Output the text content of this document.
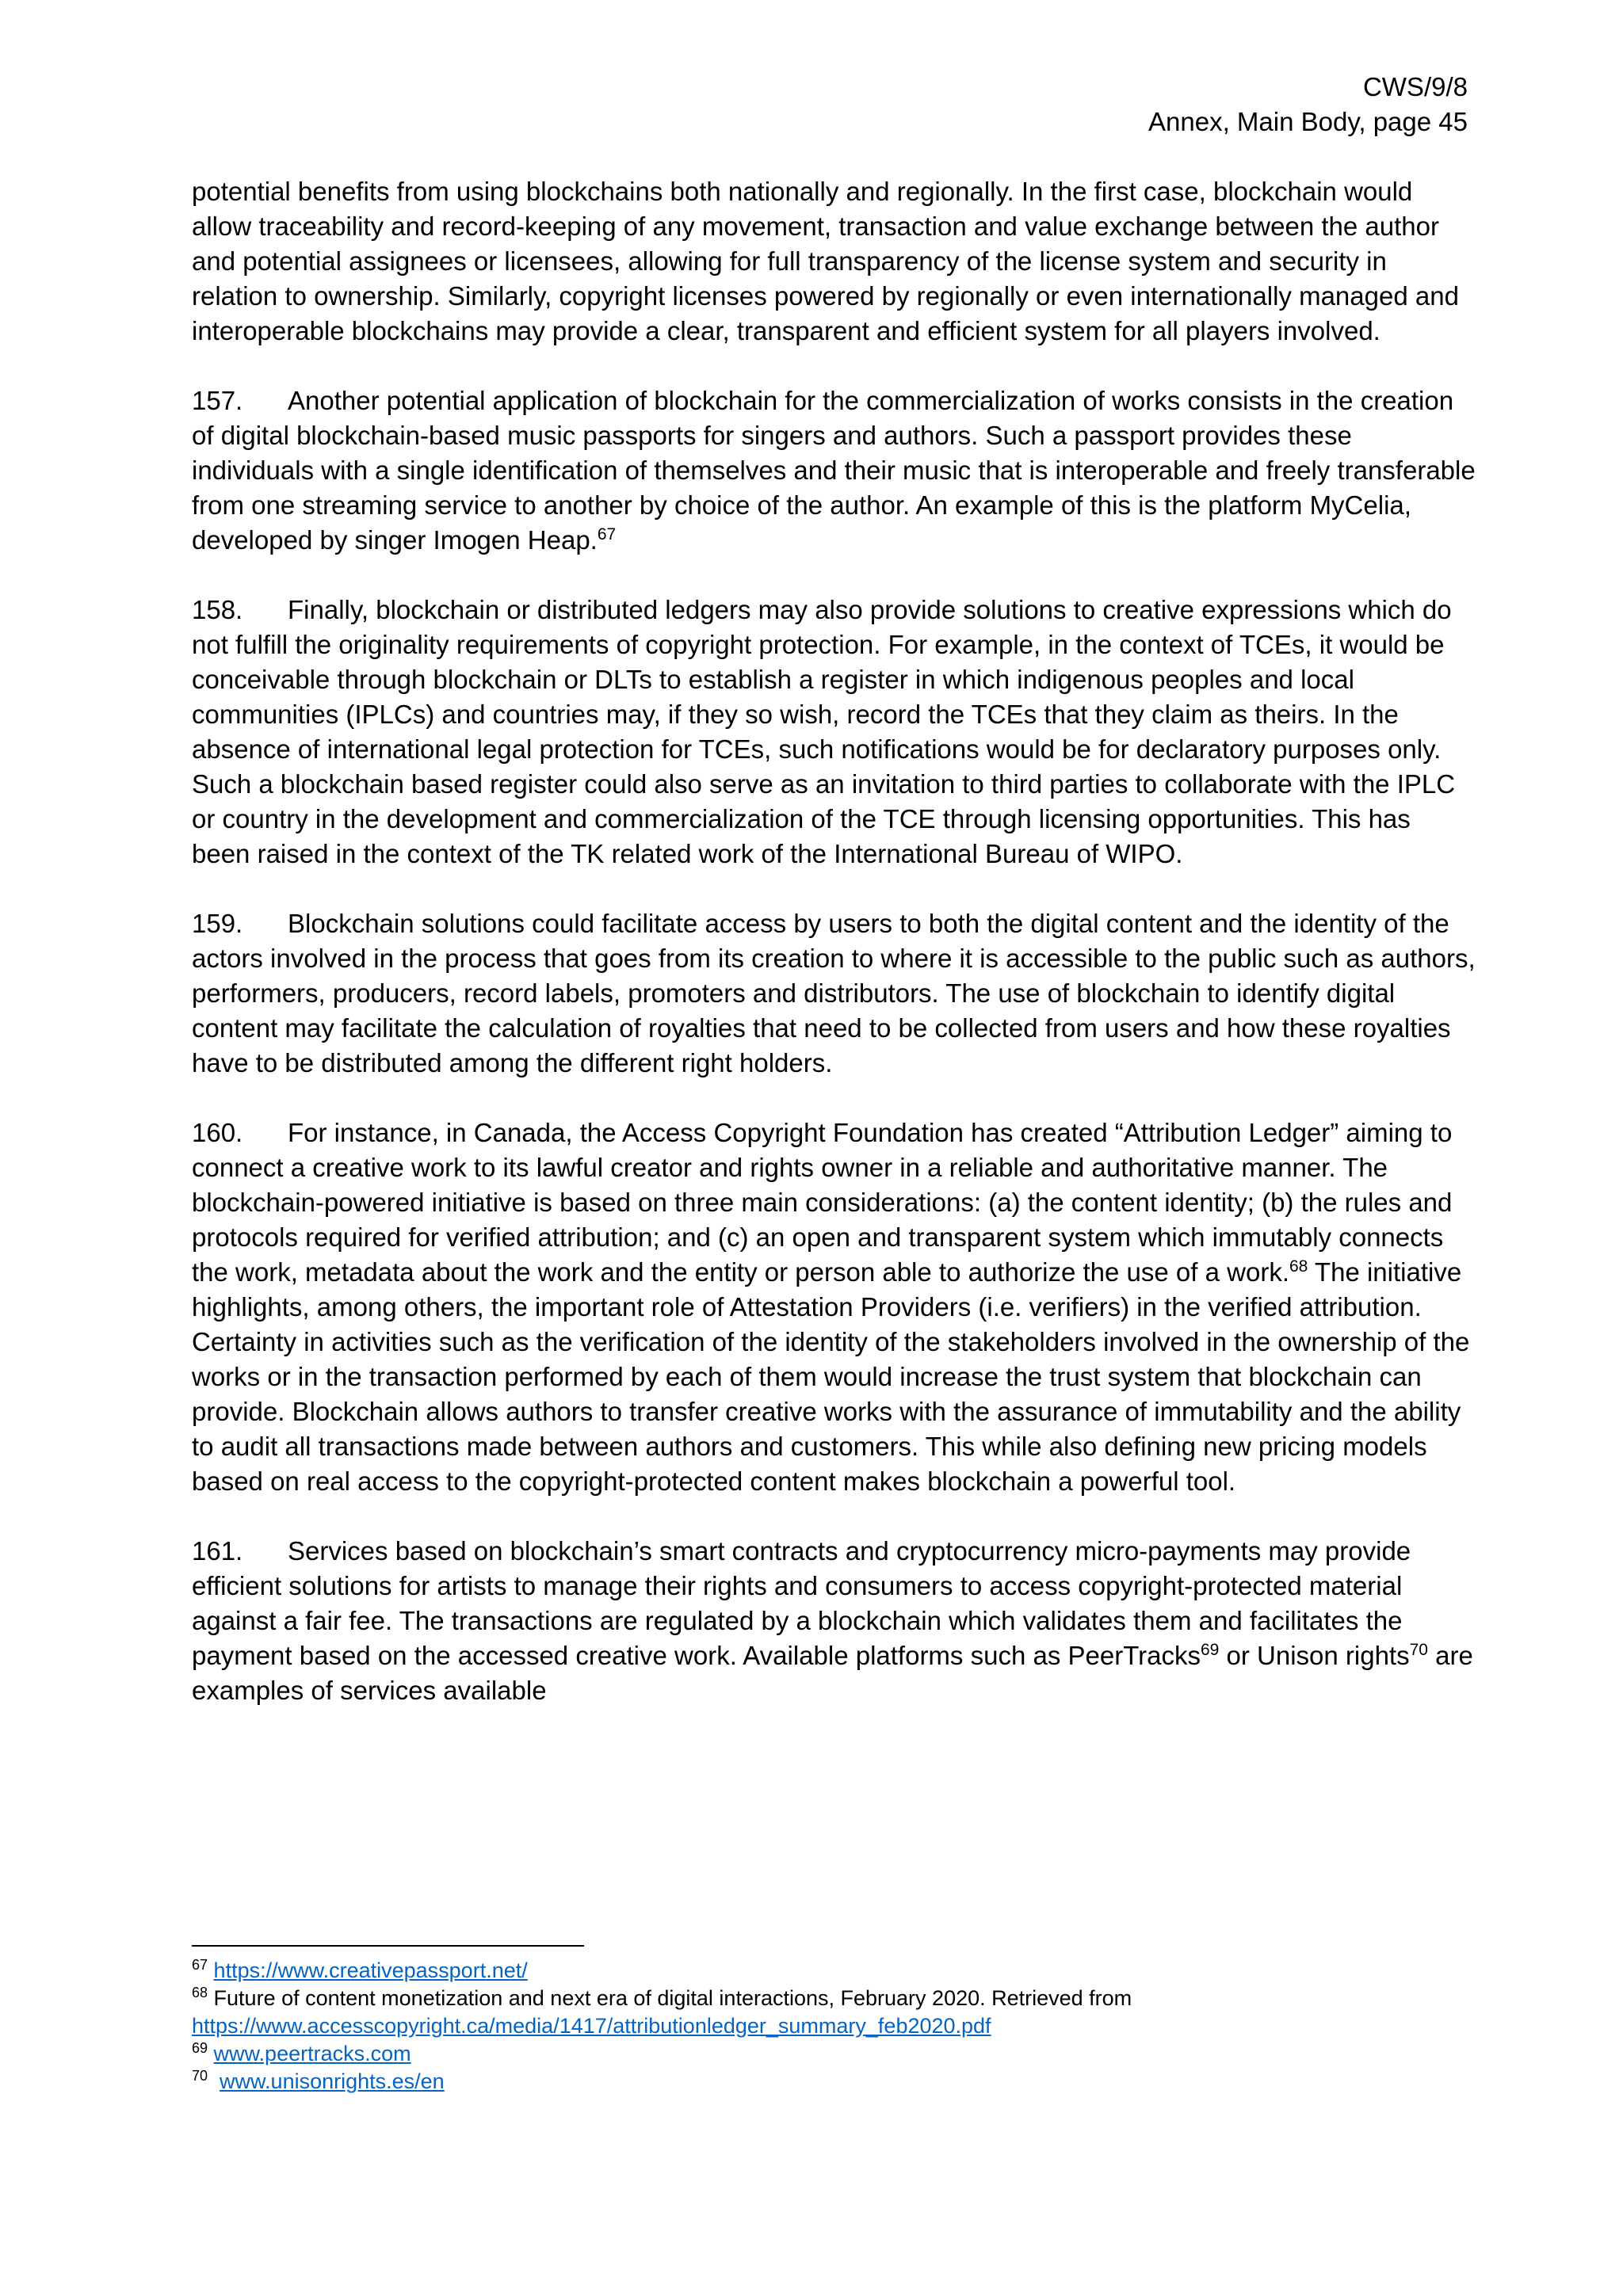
CWS/9/8
Annex, Main Body, page 45

potential benefits from using blockchains both nationally and regionally. In the first case, blockchain would allow traceability and record-keeping of any movement, transaction and value exchange between the author and potential assignees or licensees, allowing for full transparency of the license system and security in relation to ownership. Similarly, copyright licenses powered by regionally or even internationally managed and interoperable blockchains may provide a clear, transparent and efficient system for all players involved.

157. Another potential application of blockchain for the commercialization of works consists in the creation of digital blockchain-based music passports for singers and authors. Such a passport provides these individuals with a single identification of themselves and their music that is interoperable and freely transferable from one streaming service to another by choice of the author. An example of this is the platform MyCelia, developed by singer Imogen Heap.$^{67}$

158. Finally, blockchain or distributed ledgers may also provide solutions to creative expressions which do not fulfill the originality requirements of copyright protection. For example, in the context of TCEs, it would be conceivable through blockchain or DLTs to establish a register in which indigenous peoples and local communities (IPLCs) and countries may, if they so wish, record the TCEs that they claim as theirs. In the absence of international legal protection for TCEs, such notifications would be for declaratory purposes only. Such a blockchain based register could also serve as an invitation to third parties to collaborate with the IPLC or country in the development and commercialization of the TCE through licensing opportunities. This has been raised in the context of the TK related work of the International Bureau of WIPO.

159. Blockchain solutions could facilitate access by users to both the digital content and the identity of the actors involved in the process that goes from its creation to where it is accessible to the public such as authors, performers, producers, record labels, promoters and distributors. The use of blockchain to identify digital content may facilitate the calculation of royalties that need to be collected from users and how these royalties have to be distributed among the different right holders.

160. For instance, in Canada, the Access Copyright Foundation has created “Attribution Ledger” aiming to connect a creative work to its lawful creator and rights owner in a reliable and authoritative manner. The blockchain-powered initiative is based on three main considerations: (a) the content identity; (b) the rules and protocols required for verified attribution; and (c) an open and transparent system which immutably connects the work, metadata about the work and the entity or person able to authorize the use of a work.$^{68}$ The initiative highlights, among others, the important role of Attestation Providers (i.e. verifiers) in the verified attribution. Certainty in activities such as the verification of the identity of the stakeholders involved in the ownership of the works or in the transaction performed by each of them would increase the trust system that blockchain can provide. Blockchain allows authors to transfer creative works with the assurance of immutability and the ability to audit all transactions made between authors and customers. This while also defining new pricing models based on real access to the copyright-protected content makes blockchain a powerful tool.

161. Services based on blockchain’s smart contracts and cryptocurrency micro-payments may provide efficient solutions for artists to manage their rights and consumers to access copyright-protected material against a fair fee. The transactions are regulated by a blockchain which validates them and facilitates the payment based on the accessed creative work. Available platforms such as PeerTracks$^{69}$ or Unison rights$^{70}$ are examples of services available

$^{67}$ https://www.creativepassport.net/
$^{68}$ Future of content monetization and next era of digital interactions, February 2020. Retrieved from
https://www.accesscopyright.ca/media/1417/attributionledger_summary_feb2020.pdf
$^{69}$ www.peertracks.com
$^{70}$ www.unisonrights.es/en
